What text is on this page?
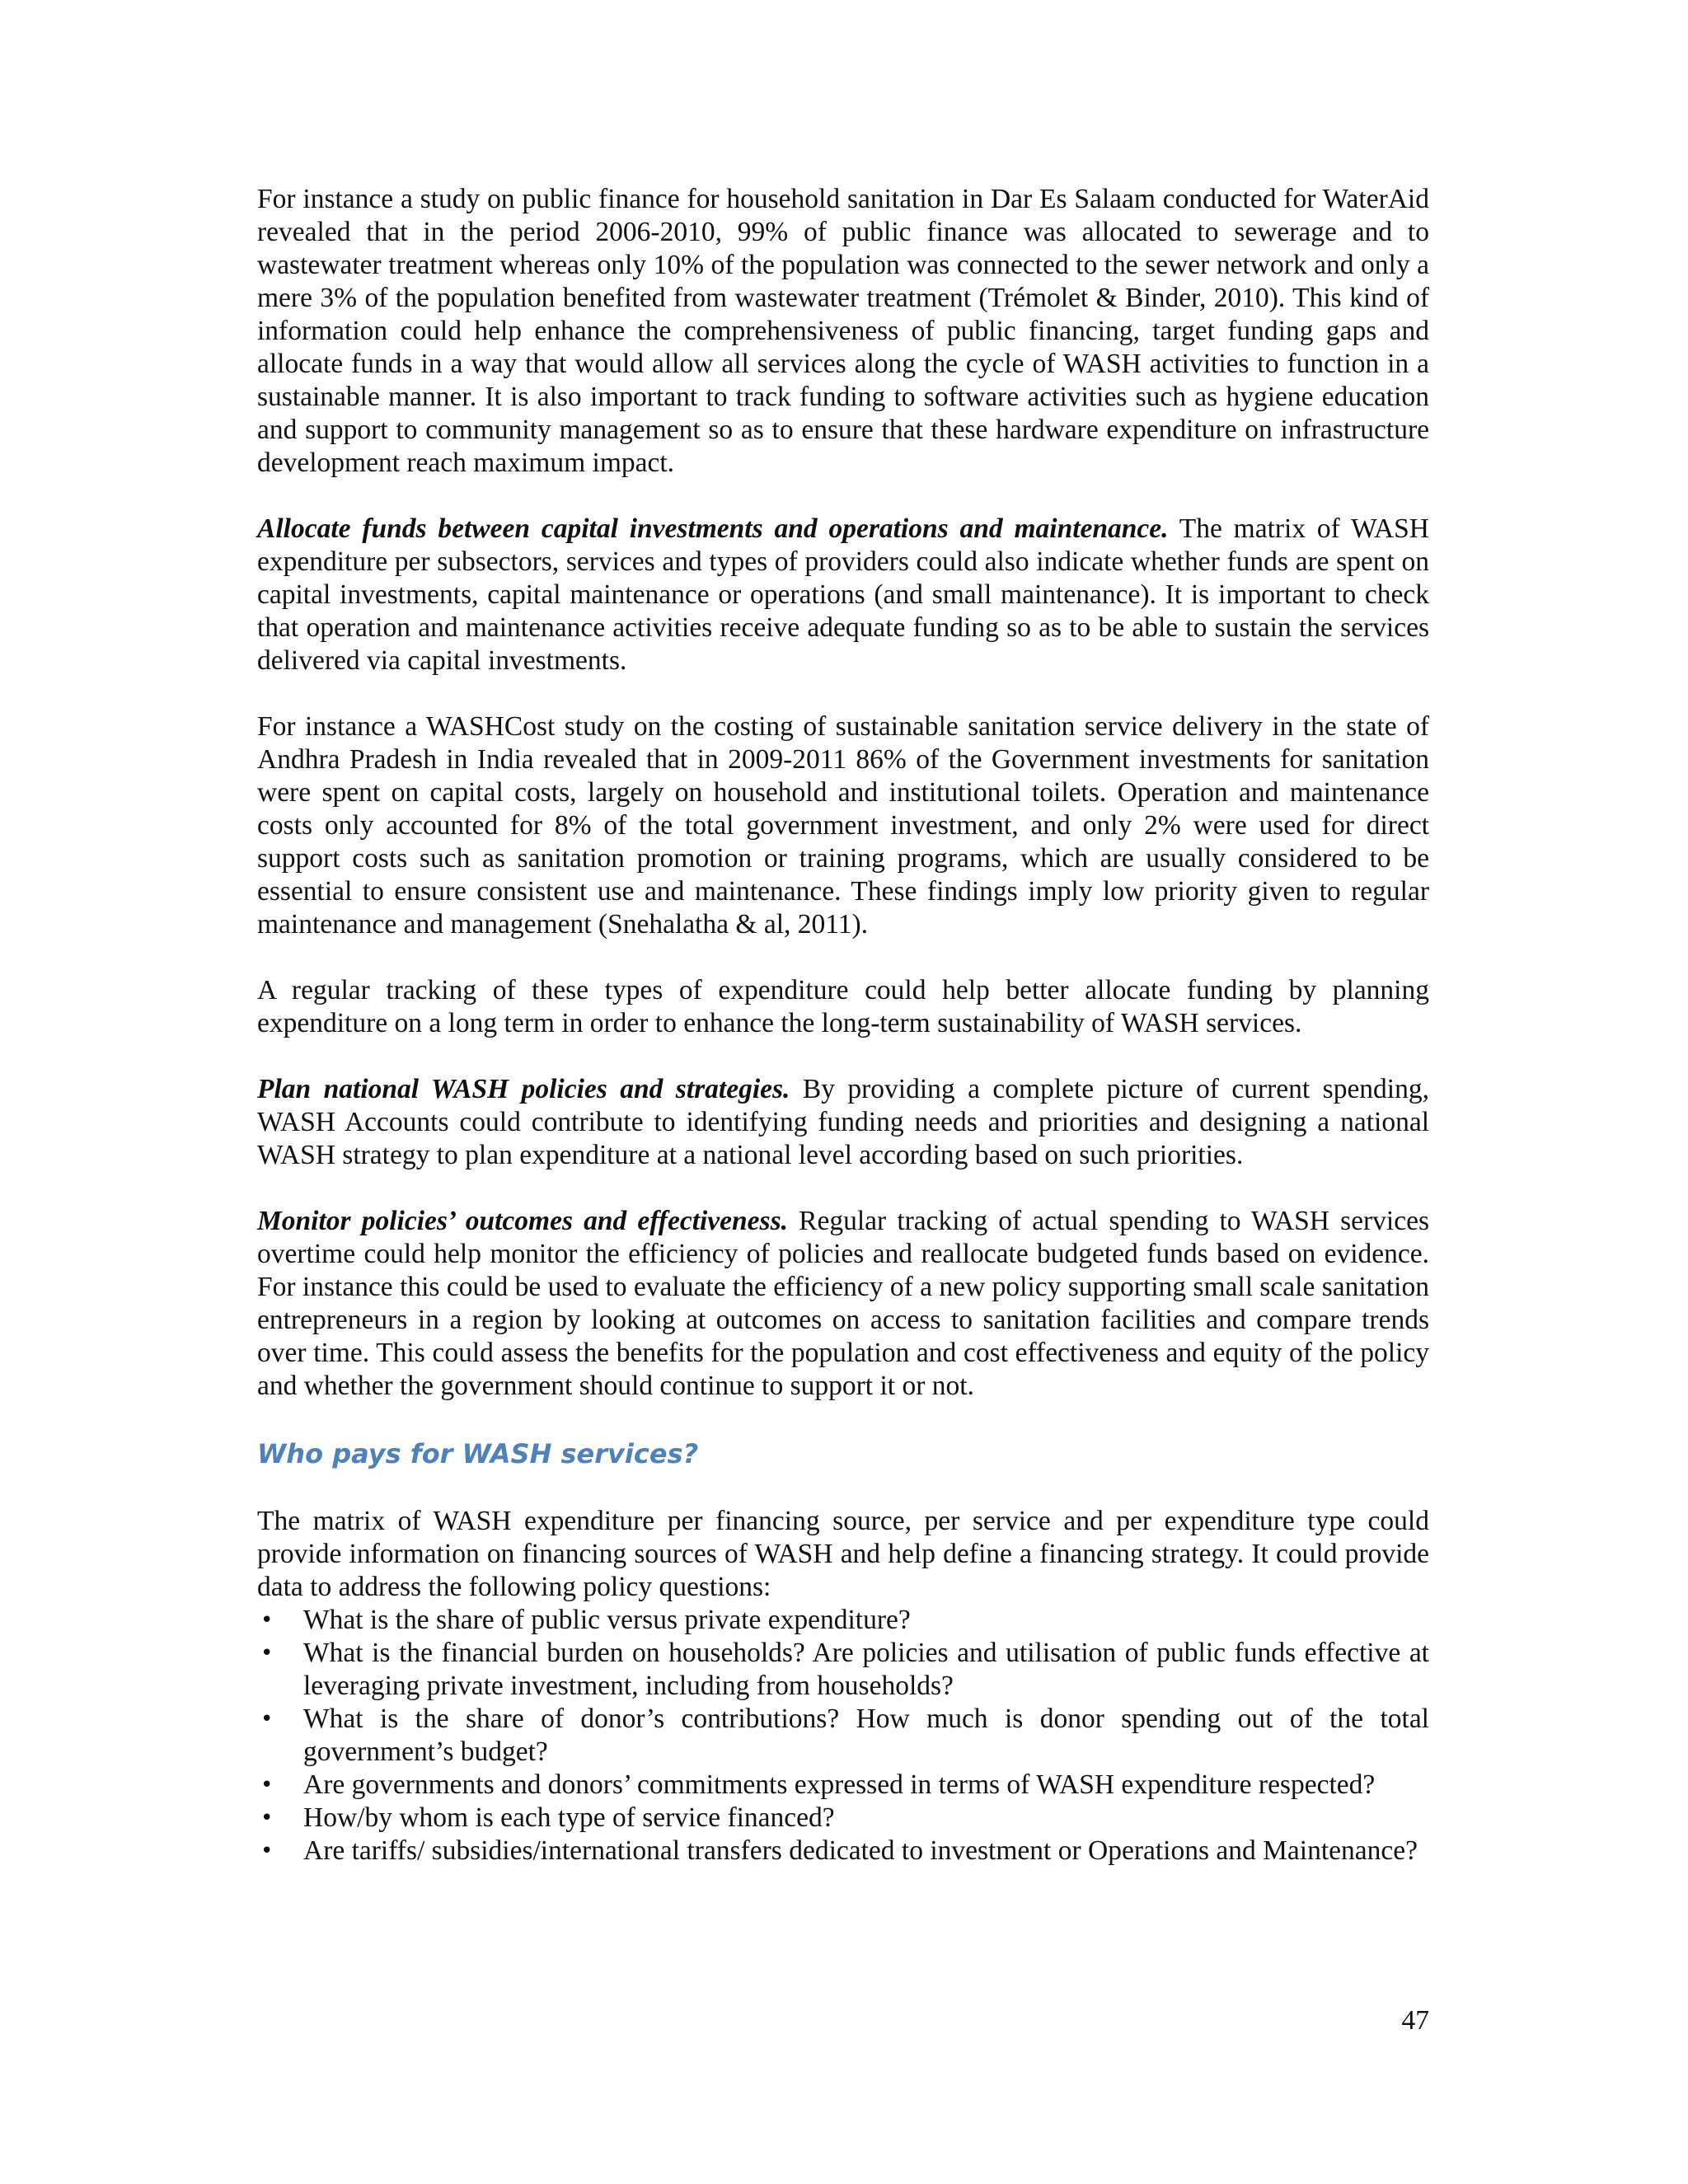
For instance a study on public finance for household sanitation in Dar Es Salaam conducted for WaterAid revealed that in the period 2006-2010, 99% of public finance was allocated to sewerage and to wastewater treatment whereas only 10% of the population was connected to the sewer network and only a mere 3% of the population benefited from wastewater treatment (Trémolet & Binder, 2010). This kind of information could help enhance the comprehensiveness of public financing, target funding gaps and allocate funds in a way that would allow all services along the cycle of WASH activities to function in a sustainable manner. It is also important to track funding to software activities such as hygiene education and support to community management so as to ensure that these hardware expenditure on infrastructure development reach maximum impact.

Allocate funds between capital investments and operations and maintenance. The matrix of WASH expenditure per subsectors, services and types of providers could also indicate whether funds are spent on capital investments, capital maintenance or operations (and small maintenance). It is important to check that operation and maintenance activities receive adequate funding so as to be able to sustain the services delivered via capital investments.

For instance a WASHCost study on the costing of sustainable sanitation service delivery in the state of Andhra Pradesh in India revealed that in 2009-2011 86% of the Government investments for sanitation were spent on capital costs, largely on household and institutional toilets. Operation and maintenance costs only accounted for 8% of the total government investment, and only 2% were used for direct support costs such as sanitation promotion or training programs, which are usually considered to be essential to ensure consistent use and maintenance. These findings imply low priority given to regular maintenance and management (Snehalatha & al, 2011).

A regular tracking of these types of expenditure could help better allocate funding by planning expenditure on a long term in order to enhance the long-term sustainability of WASH services.

Plan national WASH policies and strategies. By providing a complete picture of current spending, WASH Accounts could contribute to identifying funding needs and priorities and designing a national WASH strategy to plan expenditure at a national level according based on such priorities.

Monitor policies’ outcomes and effectiveness. Regular tracking of actual spending to WASH services overtime could help monitor the efficiency of policies and reallocate budgeted funds based on evidence. For instance this could be used to evaluate the efficiency of a new policy supporting small scale sanitation entrepreneurs in a region by looking at outcomes on access to sanitation facilities and compare trends over time. This could assess the benefits for the population and cost effectiveness and equity of the policy and whether the government should continue to support it or not.

Who pays for WASH services?

The matrix of WASH expenditure per financing source, per service and per expenditure type could provide information on financing sources of WASH and help define a financing strategy. It could provide data to address the following policy questions:

• What is the share of public versus private expenditure?
• What is the financial burden on households? Are policies and utilisation of public funds effective at leveraging private investment, including from households?
• What is the share of donor’s contributions? How much is donor spending out of the total government’s budget?
• Are governments and donors’ commitments expressed in terms of WASH expenditure respected?
• How/by whom is each type of service financed?
• Are tariffs/ subsidies/international transfers dedicated to investment or Operations and Maintenance?
47
